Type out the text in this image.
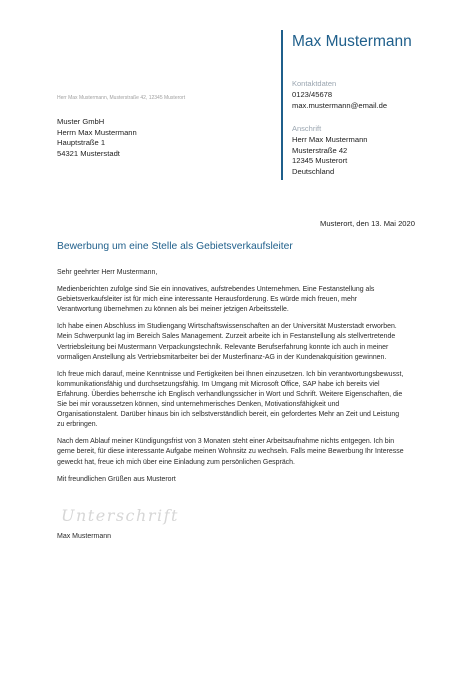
Max Mustermann
Kontaktdaten
0123/45678
max.mustermann@email.de
Anschrift
Herr Max Mustermann
Musterstraße 42
12345 Musterort
Deutschland
Herr Max Mustermann, Musterstraße 42, 12345 Musterort
Muster GmbH
Herrn Max Mustermann
Hauptstraße 1
54321 Musterstadt
Musterort, den 13. Mai 2020
Bewerbung um eine Stelle als Gebietsverkaufsleiter

Sehr geehrter Herr Mustermann,

Medienberichten zufolge sind Sie ein innovatives, aufstrebendes Unternehmen. Eine Festanstellung als
Gebietsverkaufsleiter ist für mich eine interessante Herausforderung. Es würde mich freuen, mehr
Verantwortung übernehmen zu können als bei meiner jetzigen Arbeitsstelle.

Ich habe einen Abschluss im Studiengang Wirtschaftswissenschaften an der Universität Musterstadt erworben.
Mein Schwerpunkt lag im Bereich Sales Management. Zurzeit arbeite ich in Festanstellung als stellvertretende
Vertriebsleitung bei Mustermann Verpackungstechnik. Relevante Berufserfahrung konnte ich auch in meiner
vormaligen Anstellung als Vertriebsmitarbeiter bei der Musterfinanz-AG in der Kundenakquisition gewinnen.

Ich freue mich darauf, meine Kenntnisse und Fertigkeiten bei Ihnen einzusetzen. Ich bin verantwortungsbewusst,
kommunikationsfähig und durchsetzungsfähig. Im Umgang mit Microsoft Office, SAP habe ich bereits viel
Erfahrung. Überdies beherrsche ich Englisch verhandlungssicher in Wort und Schrift. Weitere Eigenschaften, die
Sie bei mir voraussetzen können, sind unternehmerisches Denken, Motivationsfähigkeit und
Organisationstalent. Darüber hinaus bin ich selbstverständlich bereit, ein gefordertes Mehr an Zeit und Leistung
zu erbringen.

Nach dem Ablauf meiner Kündigungsfrist von 3 Monaten steht einer Arbeitsaufnahme nichts entgegen. Ich bin
gerne bereit, für diese interessante Aufgabe meinen Wohnsitz zu wechseln. Falls meine Bewerbung Ihr Interesse
geweckt hat, freue ich mich über eine Einladung zum persönlichen Gespräch.

Mit freundlichen Grüßen aus Musterort

Unterschrift
Max Mustermann
